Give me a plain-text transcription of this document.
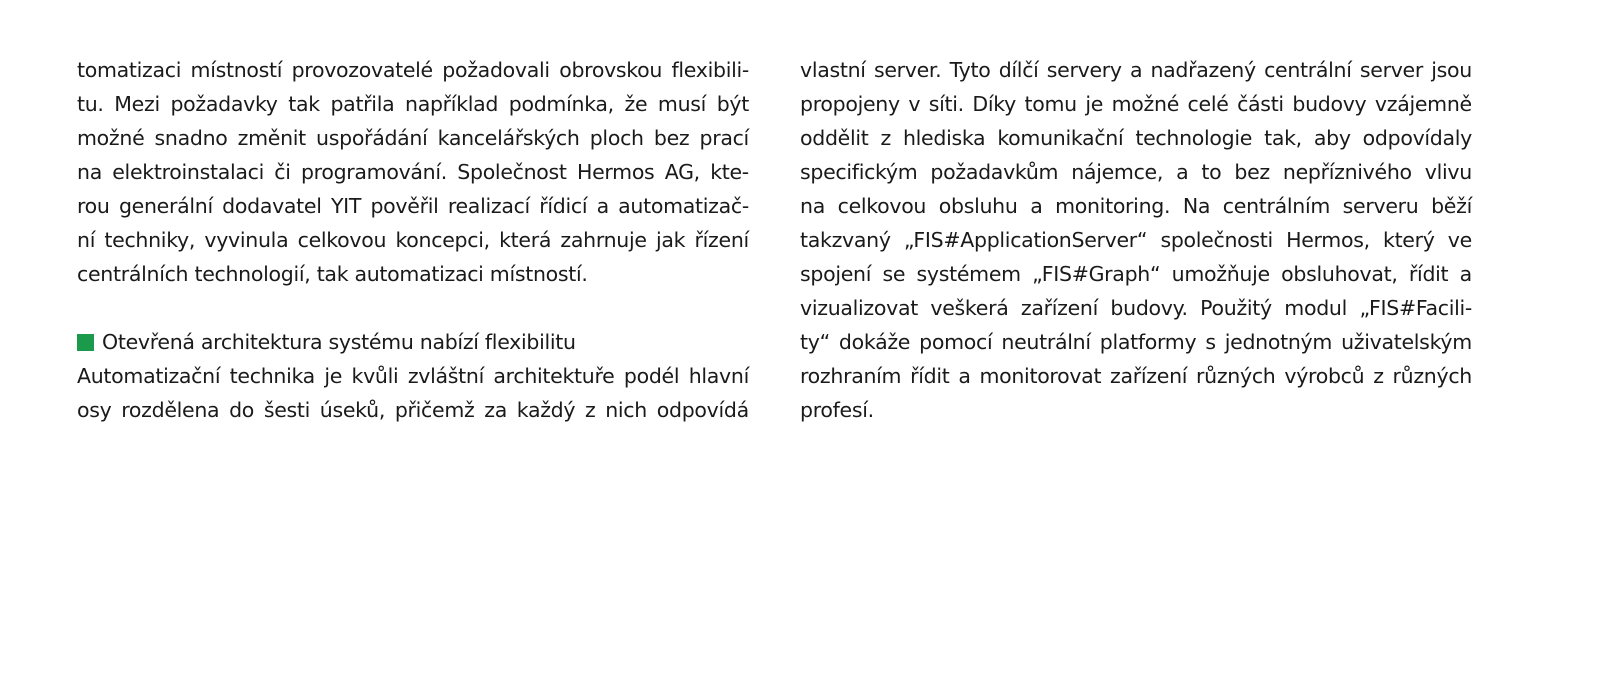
tomatizaci místností provozovatelé požadovali obrovskou flexibili-
tu. Mezi požadavky tak patřila například podmínka, že musí být
možné snadno změnit uspořádání kancelářských ploch bez prací
na elektroinstalaci či programování. Společnost Hermos AG, kte-
rou generální dodavatel YIT pověřil realizací řídicí a automatizač-
ní techniky, vyvinula celkovou koncepci, která zahrnuje jak řízení
centrálních technologií, tak automatizaci místností.
Otevřená architektura systému nabízí flexibilitu
Automatizační technika je kvůli zvláštní architektuře podél hlavní
osy rozdělena do šesti úseků, přičemž za každý z nich odpovídá
vlastní server. Tyto dílčí servery a nadřazený centrální server jsou
propojeny v síti. Díky tomu je možné celé části budovy vzájemně
oddělit z hlediska komunikační technologie tak, aby odpovídaly
specifickým požadavkům nájemce, a to bez nepříznivého vlivu
na celkovou obsluhu a monitoring. Na centrálním serveru běží
takzvaný „FIS#ApplicationServer“ společnosti Hermos, který ve
spojení se systémem „FIS#Graph“ umožňuje obsluhovat, řídit a
vizualizovat veškerá zařízení budovy. Použitý modul „FIS#Facili-
ty“ dokáže pomocí neutrální platformy s jednotným uživatelským
rozhraním řídit a monitorovat zařízení různých výrobců z různých
profesí.
